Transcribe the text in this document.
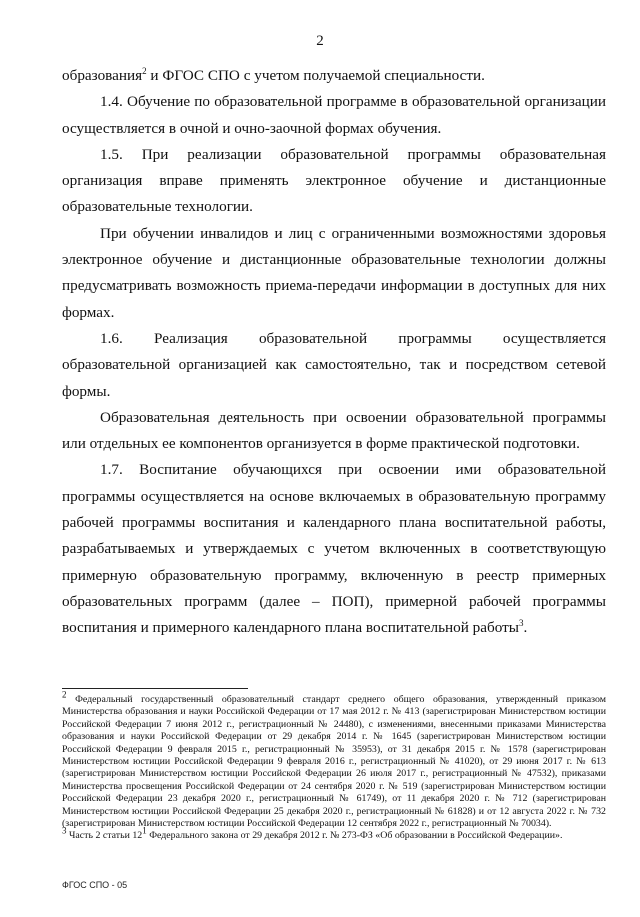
2

образования$^2$ и ФГОС СПО с учетом получаемой специальности.

1.4. Обучение по образовательной программе в образовательной организации осуществляется в очной и очно-заочной формах обучения.

1.5. При реализации образовательной программы образовательная организация вправе применять электронное обучение и дистанционные образовательные технологии.

При обучении инвалидов и лиц с ограниченными возможностями здоровья электронное обучение и дистанционные образовательные технологии должны предусматривать возможность приема-передачи информации в доступных для них формах.

1.6. Реализация образовательной программы осуществляется образовательной организацией как самостоятельно, так и посредством сетевой формы.

Образовательная деятельность при освоении образовательной программы или отдельных ее компонентов организуется в форме практической подготовки.

1.7. Воспитание обучающихся при освоении ими образовательной программы осуществляется на основе включаемых в образовательную программу рабочей программы воспитания и календарного плана воспитательной работы, разрабатываемых и утверждаемых с учетом включенных в соответствующую примерную образовательную программу, включенную в реестр примерных образовательных программ (далее – ПОП), примерной рабочей программы воспитания и примерного календарного плана воспитательной работы$^3$.

$^2$ Федеральный государственный образовательный стандарт среднего общего образования, утвержденный приказом Министерства образования и науки Российской Федерации от 17 мая 2012 г. № 413 (зарегистрирован Министерством юстиции Российской Федерации 7 июня 2012 г., регистрационный № 24480), с изменениями, внесенными приказами Министерства образования и науки Российской Федерации от 29 декабря 2014 г. № 1645 (зарегистрирован Министерством юстиции Российской Федерации 9 февраля 2015 г., регистрационный № 35953), от 31 декабря 2015 г. № 1578 (зарегистрирован Министерством юстиции Российской Федерации 9 февраля 2016 г., регистрационный № 41020), от 29 июня 2017 г. № 613 (зарегистрирован Министерством юстиции Российской Федерации 26 июля 2017 г., регистрационный № 47532), приказами Министерства просвещения Российской Федерации от 24 сентября 2020 г. № 519 (зарегистрирован Министерством юстиции Российской Федерации 23 декабря 2020 г., регистрационный № 61749), от 11 декабря 2020 г. № 712 (зарегистрирован Министерством юстиции Российской Федерации 25 декабря 2020 г., регистрационный № 61828) и от 12 августа 2022 г. № 732 (зарегистрирован Министерством юстиции Российской Федерации 12 сентября 2022 г., регистрационный № 70034).

$^3$ Часть 2 статьи $12^1$ Федерального закона от 29 декабря 2012 г. № 273-ФЗ «Об образовании в Российской Федерации».

ФГОС СПО - 05
